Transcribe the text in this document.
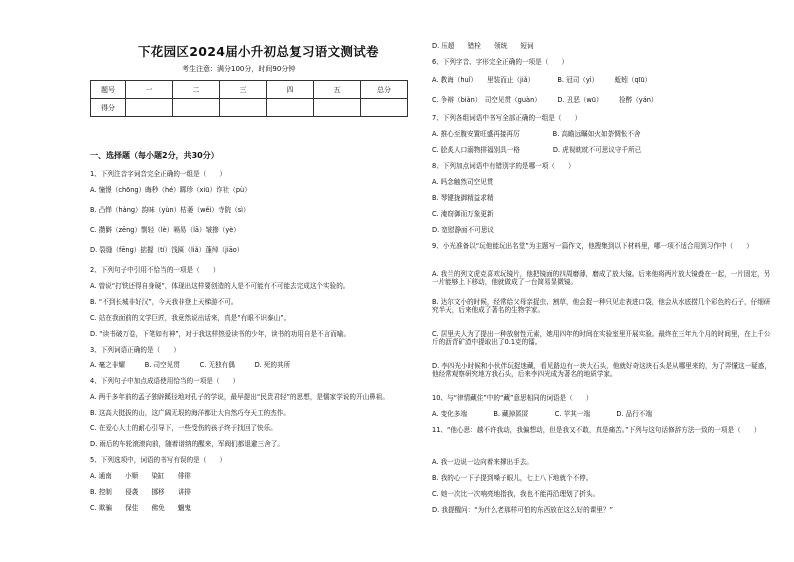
下花园区2024届小升初总复习语文测试卷
考生注意：满分100分，时间90分钟
题号	一	二	三	四	五	总分
得分						
一、选择题（每小题2分，共30分）
1、下列注音字词音完全正确的一组是（　　）
A. 憧憬（chōng）晦秒（hé）踯珍（xiū）诈社（pù）
B. 凸惮（hàng）韵味（yùn）枯萎（wěi）寺院（sì）
C. 攒僻（zēng）剽轻（lè）嗝易（lā）皱掺（yè）
D. 裂缝（fēng）掂握（tí）饯匾（liǎ）蓬绰（jiāo）
2、下列句子中引用不恰当的一项是（　　）
A. 曾说“打铁还得自身硬”，体现出这样要创造的人是不可能有不可能去完成这个实验的。
B. “不到长城非好汉”，今天我非登上天梯游不可。
C. 站在我面前的文学巨匠，我竟然说出话来，真是“有眼不识泰山”。
D. “读书破万卷，下笔如有神”，对于我这样热爱读书的少年，读书的功用自是不言而喻。
3、下列词语正确的是（　　）
A. 毫之非耀　　　B. 司空见贯　　　C. 无独有偶　　　D. 死的其所
4、下列句子中加点成语使用恰当的一项是（　　）
A. 两千多年前的孟子独辟蹊径地对孔子的学说，最早提出“民贵君轻”的思想，是儒家学说的开山鼻祖。
B. 这高大挺拔的山，这广阔无垠的海洋都让大自然巧夺天工的杰作。
C. 在爱心人士的耐心引导下，一些受伤的孩子终于找回了快乐。
D. 雨后的车轮滚滚向前，随着谱纳的醒来，军阀们都退避三舍了。
5、下列选项中，词语的书写有误的是（　　）
A. 通南　　小顺　　染缸　　俳徘
B. 控制　　侵袭　　挪移　　讲排
C. 欺骗　　保佳　　佛免　　魍鬼
D. 压超　　错栓　　领统　　短词
6、下列字音、字形完全正确的一项是（　　）
A. 教诲（huǐ）　　里装而止（jiǎ）　　　　B. 冠司（yì）　　　蚯蚓（qīū）
C. 争辩（biàn）　司空见贯（guàn）　　　D. 丑恶（wū）　　　捡醉（yán）
7、下列各组词语中书写全部正确的一组是（　　）
A. 推心至腹安置旺盛再接再厉　　　　　B. 高瞻远瞩如火如荼惆怅不舍
C. 脍炙人口溺物排福别具一格　　　　　D. 虎视眈眈不可思议守千所已
8、下列加点词语中有错别字的是哪一项（　　）
A. 吗念触然司空见贯
B. 琴键拢御精益求精
C. 淹窃御而万象更新
D. 宽慰静面不可思议
9、小光准备以“玩他能玩出名堂”为主题写一篇作文，他搜集到以下材料里，哪一项不适合用到习作中（　　）
A. 我兰的列文虎克喜欢玩镜片，他把镜面的四周磨薄，磨成了放大镜。后来他将两片放大镜叠在一起，一片固定，另一片能够上下移动，他就做成了一台简易显微镜。
B. 达尔文小的时候，经常给父母亲捉虫、割草，他会捉一种只见走表进口袋，他会从水底捞几个彩色的石子，仔细研究半天，后来他成了著名的生物学家。
C. 居里夫人为了提出一种放射性元素，她用四年的时间在实验室里开展实验。最终在三年九个月的时间里，在上千公斤的沥青矿渣中提取出了0.1克的镭。
D. 李四光小时候和小伙伴玩捉迷藏，看见路边有一块大石头，他就好奇这块石头是从哪里来的，为了弄懂这一疑惑，他经常观察研究地方我石头，后来李四光成为著名的地质学家。
10、与“律情藏住”中的“藏”意思相同的词语是（　　）
A. 变化多端　　　　B. 藏掉匿匿　　　　C. 苹其一端　　　　D. 品行不端
11、“他心思：越不许我动，我偏想动，但是我又不敢，真是痛苦。”下列与这句话修辞方法一致的一项是（　　）
A. 我一边说一边向着来撑出手去。
B. 我的心一下子提到嗓子眼儿，七上八下地就个不停。
C. 她一次比一次响亮地指我，我也不能再沿理划了折头。
D. 我提醒问：“为什么老那样可怕的东西放在这么好的课里？”
